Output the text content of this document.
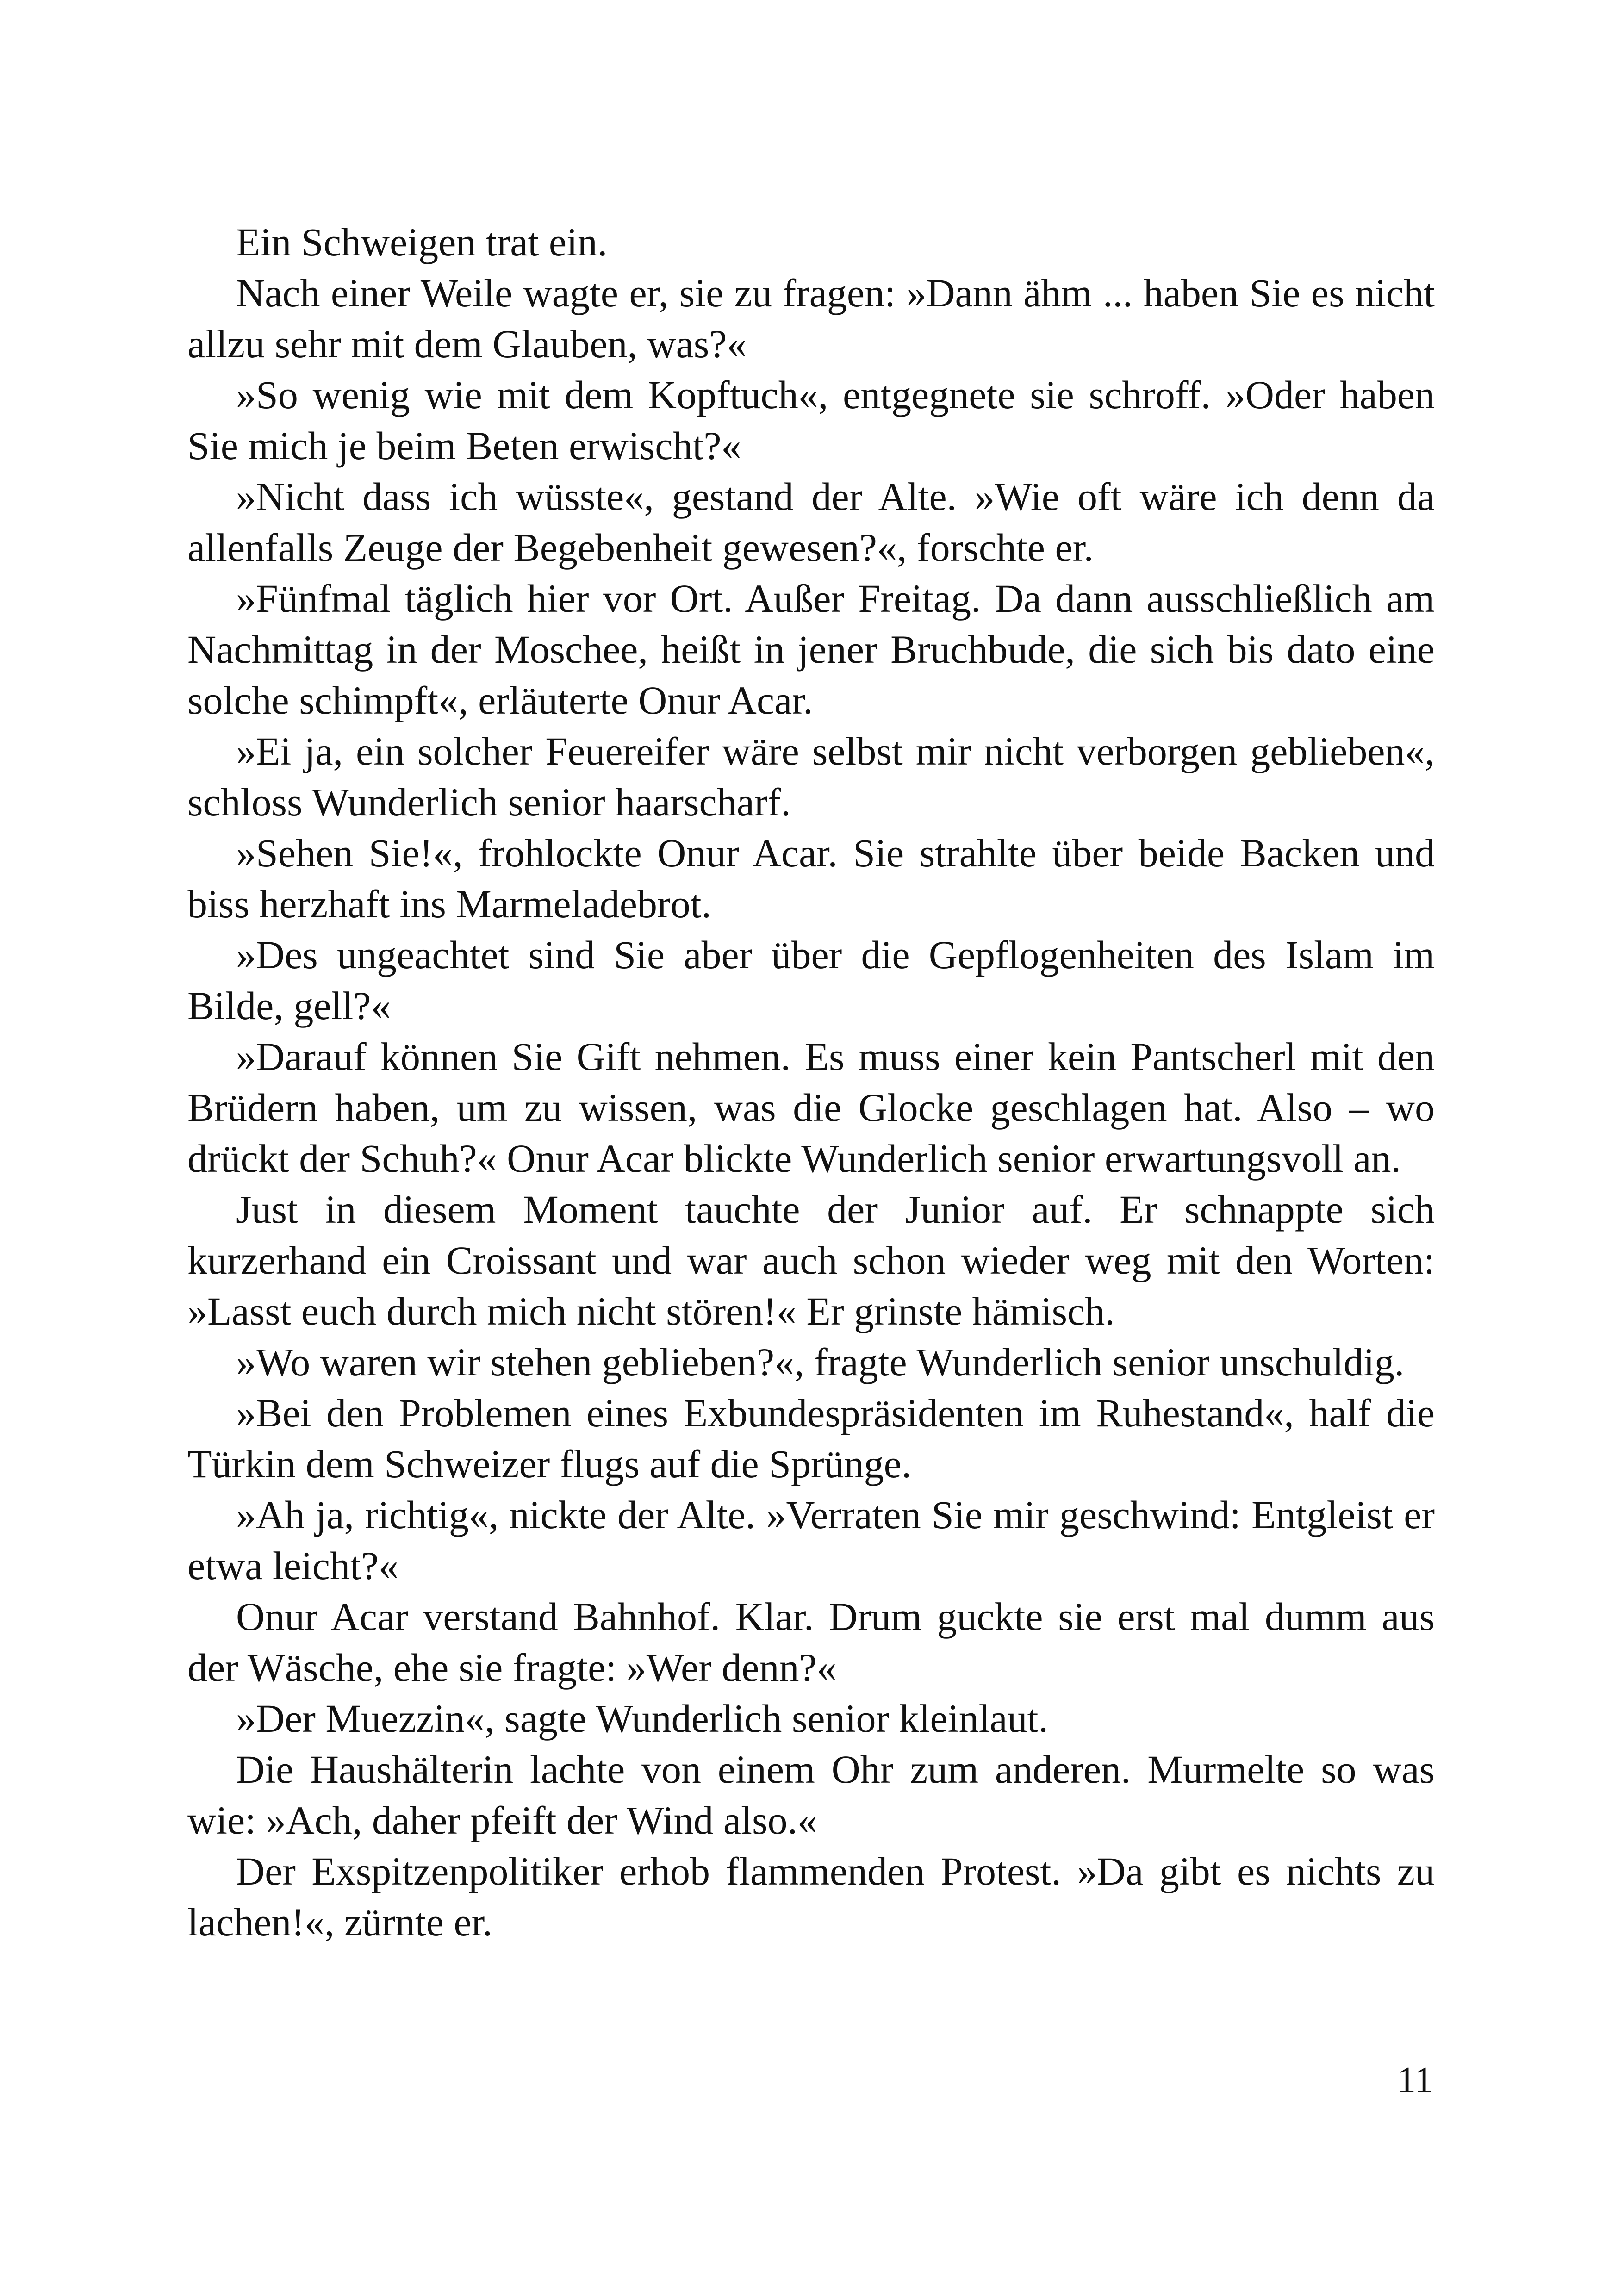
Ein Schweigen trat ein.

Nach einer Weile wagte er, sie zu fragen: »Dann ähm ... haben Sie es nicht allzu sehr mit dem Glauben, was?«

»So wenig wie mit dem Kopftuch«, entgegnete sie schroff. »Oder haben Sie mich je beim Beten erwischt?«

»Nicht dass ich wüsste«, gestand der Alte. »Wie oft wäre ich denn da allenfalls Zeuge der Begebenheit gewesen?«, forschte er.

»Fünfmal täglich hier vor Ort. Außer Freitag. Da dann ausschließlich am Nachmittag in der Moschee, heißt in jener Bruchbude, die sich bis dato eine solche schimpft«, erläuterte Onur Acar.

»Ei ja, ein solcher Feuereifer wäre selbst mir nicht verborgen geblieben«, schloss Wunderlich senior haarscharf.

»Sehen Sie!«, frohlockte Onur Acar. Sie strahlte über beide Backen und biss herzhaft ins Marmeladebrot.

»Des ungeachtet sind Sie aber über die Gepflogenheiten des Islam im Bilde, gell?«

»Darauf können Sie Gift nehmen. Es muss einer kein Pantscherl mit den Brüdern haben, um zu wissen, was die Glocke geschlagen hat. Also – wo drückt der Schuh?« Onur Acar blickte Wunderlich senior erwartungsvoll an.

Just in diesem Moment tauchte der Junior auf. Er schnappte sich kurzerhand ein Croissant und war auch schon wieder weg mit den Worten: »Lasst euch durch mich nicht stören!« Er grinste hämisch.

»Wo waren wir stehen geblieben?«, fragte Wunderlich senior unschuldig.

»Bei den Problemen eines Exbundespräsidenten im Ruhestand«, half die Türkin dem Schweizer flugs auf die Sprünge.

»Ah ja, richtig«, nickte der Alte. »Verraten Sie mir geschwind: Entgleist er etwa leicht?«

Onur Acar verstand Bahnhof. Klar. Drum guckte sie erst mal dumm aus der Wäsche, ehe sie fragte: »Wer denn?«

»Der Muezzin«, sagte Wunderlich senior kleinlaut.

Die Haushälterin lachte von einem Ohr zum anderen. Murmelte so was wie: »Ach, daher pfeift der Wind also.«

Der Exspitzenpolitiker erhob flammenden Protest. »Da gibt es nichts zu lachen!«, zürnte er.

11
